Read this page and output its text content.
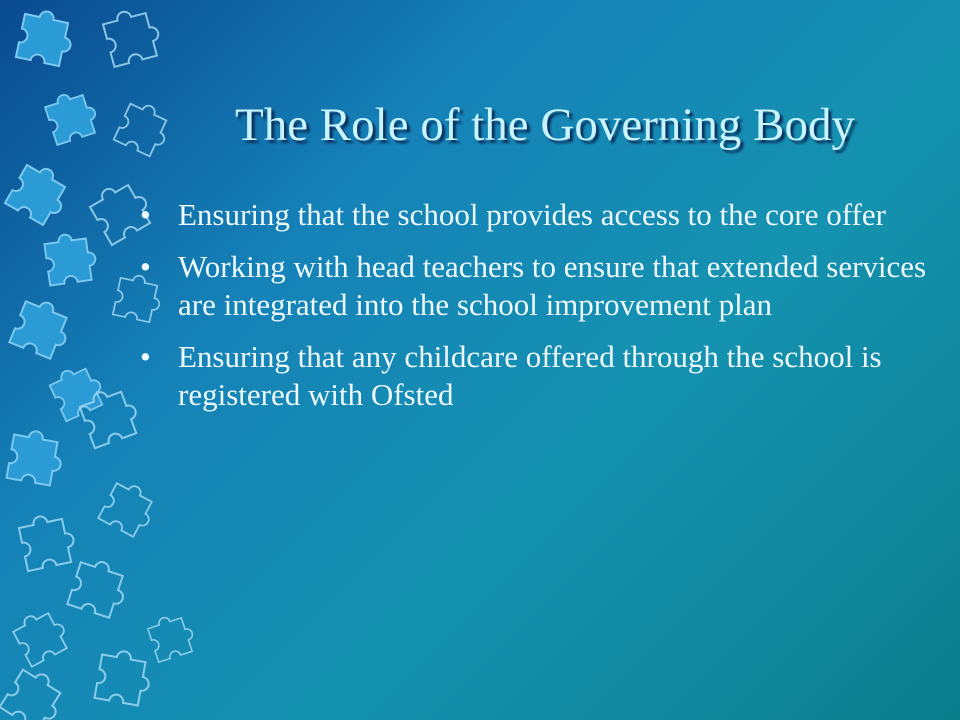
The Role of the Governing Body
• Ensuring that the school provides access to the core offer
• Working with head teachers to ensure that extended services are integrated into the school improvement plan
• Ensuring that any childcare offered through the school is registered with Ofsted
